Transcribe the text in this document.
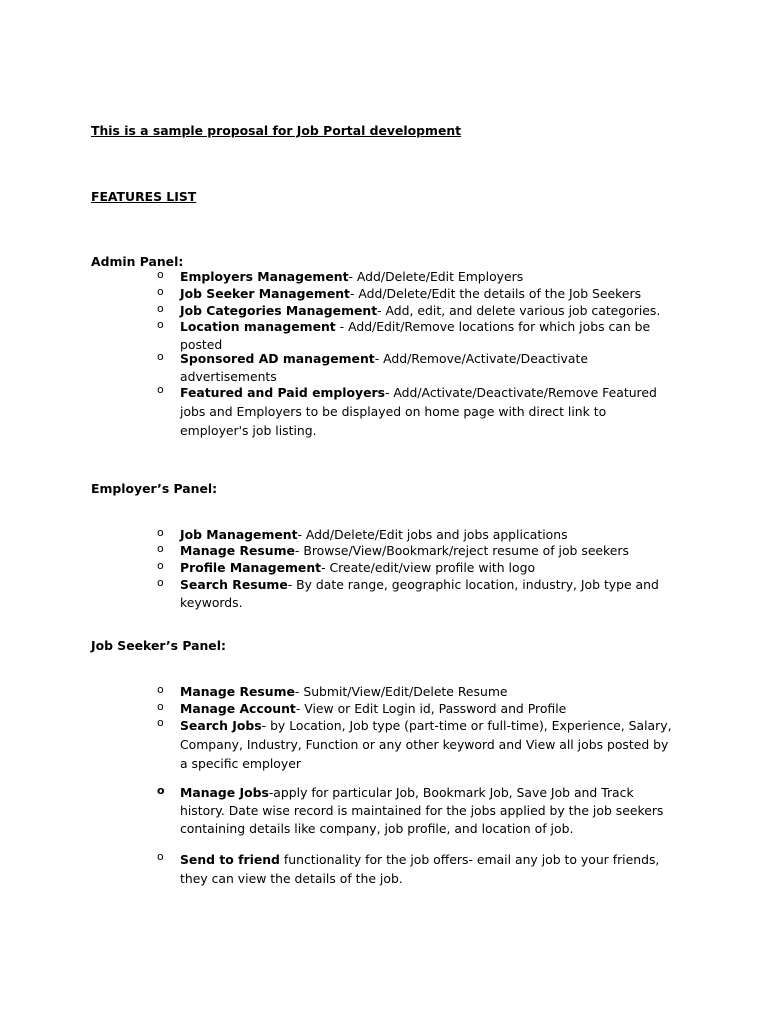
This is a sample proposal for Job Portal development
FEATURES LIST
Admin Panel:
o	Employers Management- Add/Delete/Edit Employers
o	Job Seeker Management- Add/Delete/Edit the details of the Job Seekers
o	Job Categories Management- Add, edit, and delete various job categories.
o	Location management - Add/Edit/Remove locations for which jobs can be posted
o	Sponsored AD management- Add/Remove/Activate/Deactivate advertisements
o	Featured and Paid employers- Add/Activate/Deactivate/Remove Featured jobs and Employers to be displayed on home page with direct link to employer's job listing.
Employer’s Panel:
o	Job Management- Add/Delete/Edit jobs and jobs applications
o	Manage Resume- Browse/View/Bookmark/reject resume of job seekers
o	Profile Management- Create/edit/view profile with logo
o	Search Resume- By date range, geographic location, industry, Job type and keywords.
Job Seeker’s Panel:
o	Manage Resume- Submit/View/Edit/Delete Resume
o	Manage Account- View or Edit Login id, Password and Profile
o	Search Jobs- by Location, Job type (part-time or full-time), Experience, Salary, Company, Industry, Function or any other keyword and View all jobs posted by a specific employer
o	Manage Jobs-apply for particular Job, Bookmark Job, Save Job and Track history. Date wise record is maintained for the jobs applied by the job seekers containing details like company, job profile, and location of job.
o	Send to friend functionality for the job offers- email any job to your friends, they can view the details of the job.
